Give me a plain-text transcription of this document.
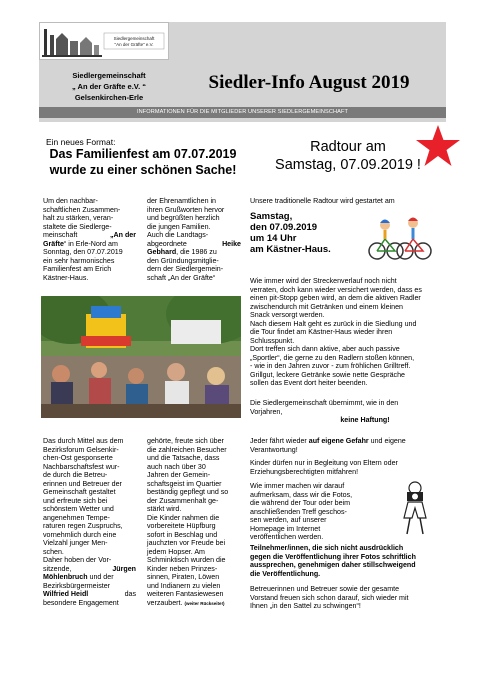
Siedlergemeinschaft
"An der Gräfte" e.V.
Siedlergemeinschaft
„ An der Gräfte e.V. “
Gelsenkirchen-Erle
Siedler-Info August 2019
INFORMATIONEN FÜR DIE MITGLIEDER UNSERER SIEDLERGEMEINSCHAFT
Ein neues Format:
Das Familienfest am 07.07.2019
wurde zu einer schönen Sache!

Um den nachbar-

schaftlichen Zusammen-

halt zu stärken, veran-

staltete die Siedlerge-

meinschaft	„An der

Gräfte“ in Erle-Nord am

Sonntag, den 07.07.2019

ein sehr harmonisches

Familienfest am Erich

Kästner-Haus.

der Ehrenamtlichen in

ihren Grußworten hervor

und begrüßten herzlich

die jungen Familien.

Auch die Landtags-

abgeordnete	Heike

Gebhard, die 1986 zu

den Gründungsmitglie-

dern der Siedlergemein-

schaft „An der Gräfte“

Das durch Mittel aus dem

Bezirksforum Gelsenkir-

chen-Ost gesponserte

Nachbarschaftsfest wur-

de durch die Betreu-

erinnen und Betreuer der

Gemeinschaft gestaltet

und erfreute sich bei

schönstem Wetter und

angenehmen Tempe-

raturen regen Zuspruchs,

vornehmlich durch eine

Vielzahl junger Men-

schen.

Daher hoben der Vor-

sitzende,	Jürgen

Möhlenbruch und der

Bezirksbürgermeister

Wilfried Heidl	das

besondere Engagement

gehörte, freute sich über

die zahlreichen Besucher

und die Tatsache, dass

auch nach über 30

Jahren der Gemein-

schaftsgeist im Quartier

beständig gepflegt und so

der Zusammenhalt ge-

stärkt wird.

Die Kinder nahmen die

vorbereitete Hüpfburg

sofort in Beschlag und

jauchzten vor Freude bei

jedem Hopser. Am

Schminktisch wurden die

Kinder neben Prinzes-

sinnen, Piraten, Löwen

und Indianern zu vielen

weiteren Fantasiewesen

verzaubert. (weiter Rückseite!)

Radtour am
Samstag, 07.09.2019 !
Unsere traditionelle Radtour wird gestartet am
Samstag,
den 07.09.2019
um 14 Uhr
am Kästner-Haus.

Wie immer wird der Streckenverlauf noch nicht

verraten, doch kann wieder versichert werden, dass es

einen pit-Stopp geben wird, an dem die aktiven Radler

zwischendurch mit Getränken und einem kleinen

Snack versorgt werden.

Nach diesem Halt geht es zurück in die Siedlung und

die Tour findet am Kästner-Haus wieder ihren

Schlusspunkt.

Dort treffen sich dann aktive, aber auch passive

„Sportler“, die gerne zu den Radlern stoßen können,

- wie in den Jahren zuvor - zum fröhlichen Grilltreff.

Grillgut, leckere Getränke sowie nette Gespräche

sollen das Event dort heiter beenden.

Die Siedlergemeinschaft übernimmt, wie in den

Vorjahren,

keine Haftung!

Jeder fährt wieder auf eigene Gefahr und eigene

Verantwortung!

Kinder dürfen nur in Begleitung von Eltern oder

Erziehungsberechtigten mitfahren!

Wie immer machen wir darauf

aufmerksam, dass wir die Fotos,

die während der Tour oder beim

anschließenden Treff geschos-

sen werden, auf unserer

Homepage im Internet

veröffentlichen werden.

Teilnehmer/innen, die sich nicht ausdrücklich

gegen die Veröffentlichung ihrer Fotos schriftlich

aussprechen, genehmigen daher stillschweigend

die Veröffentlichung.

Betreuerinnen und Betreuer sowie der gesamte

Vorstand freuen sich schon darauf, sich wieder mit

Ihnen „in den Sattel zu schwingen“!
